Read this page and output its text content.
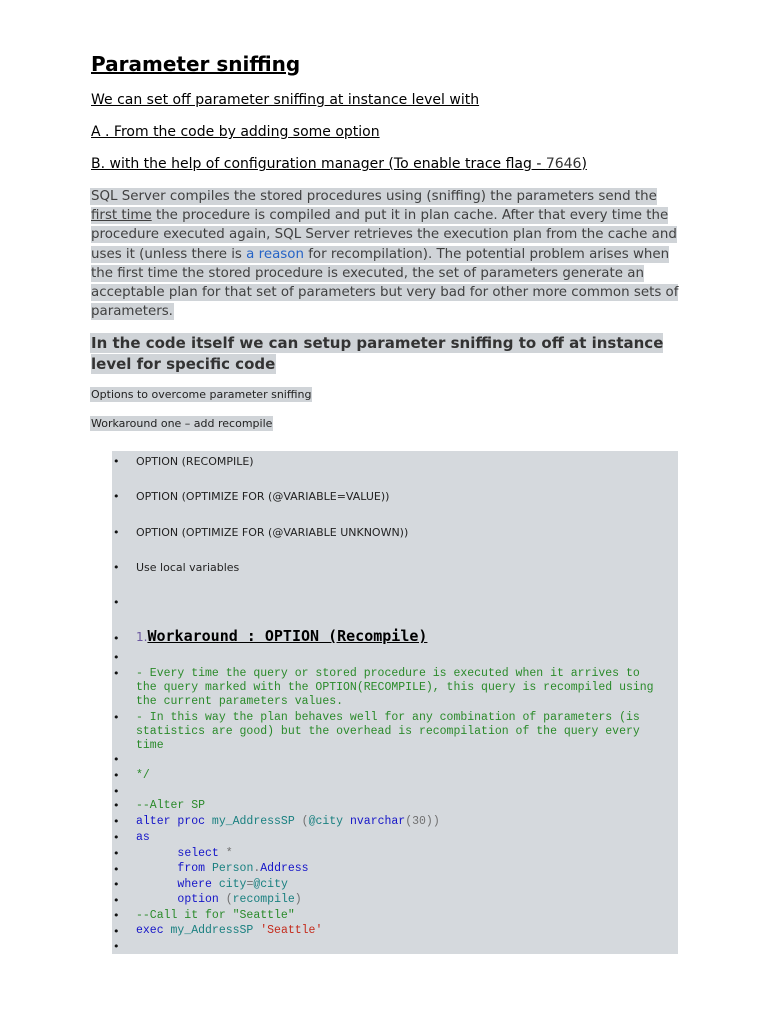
Parameter sniffing
We can set off parameter sniffing at instance level with
A . From the code by adding some option
B. with the help of configuration manager (To enable trace flag - 7646)

SQL Server compiles the stored procedures using (sniffing) the parameters send the first time the procedure is compiled and put it in plan cache. After that every time the procedure executed again, SQL Server retrieves the execution plan from the cache and uses it (unless there is a reason for recompilation). The potential problem arises when the first time the stored procedure is executed, the set of parameters generate an acceptable plan for that set of parameters but very bad for other more common sets of parameters.

In the code itself we can setup parameter sniffing to off at instance level for specific code

Options to overcome parameter sniffing

Workaround one – add recompile

•
•
•
•
•
•
•
•
•
•
•
•
•
•
•
•
•
•
•
•
•
•
OPTION (RECOMPILE)
OPTION (OPTIMIZE FOR (@VARIABLE=VALUE))
OPTION (OPTIMIZE FOR (@VARIABLE UNKNOWN))
Use local variables
1.Workaround : OPTION (Recompile)
- Every time the query or stored procedure is executed when it arrives to
the query marked with the OPTION(RECOMPILE), this query is recompiled using
the current parameters values.
- In this way the plan behaves well for any combination of parameters (is
statistics are good) but the overhead is recompilation of the query every
time
*/
--Alter SP
alter proc my_AddressSP (@city nvarchar(30))
as
select *
from Person.Address
where city=@city
option (recompile)
--Call it for "Seattle"
exec my_AddressSP 'Seattle'
